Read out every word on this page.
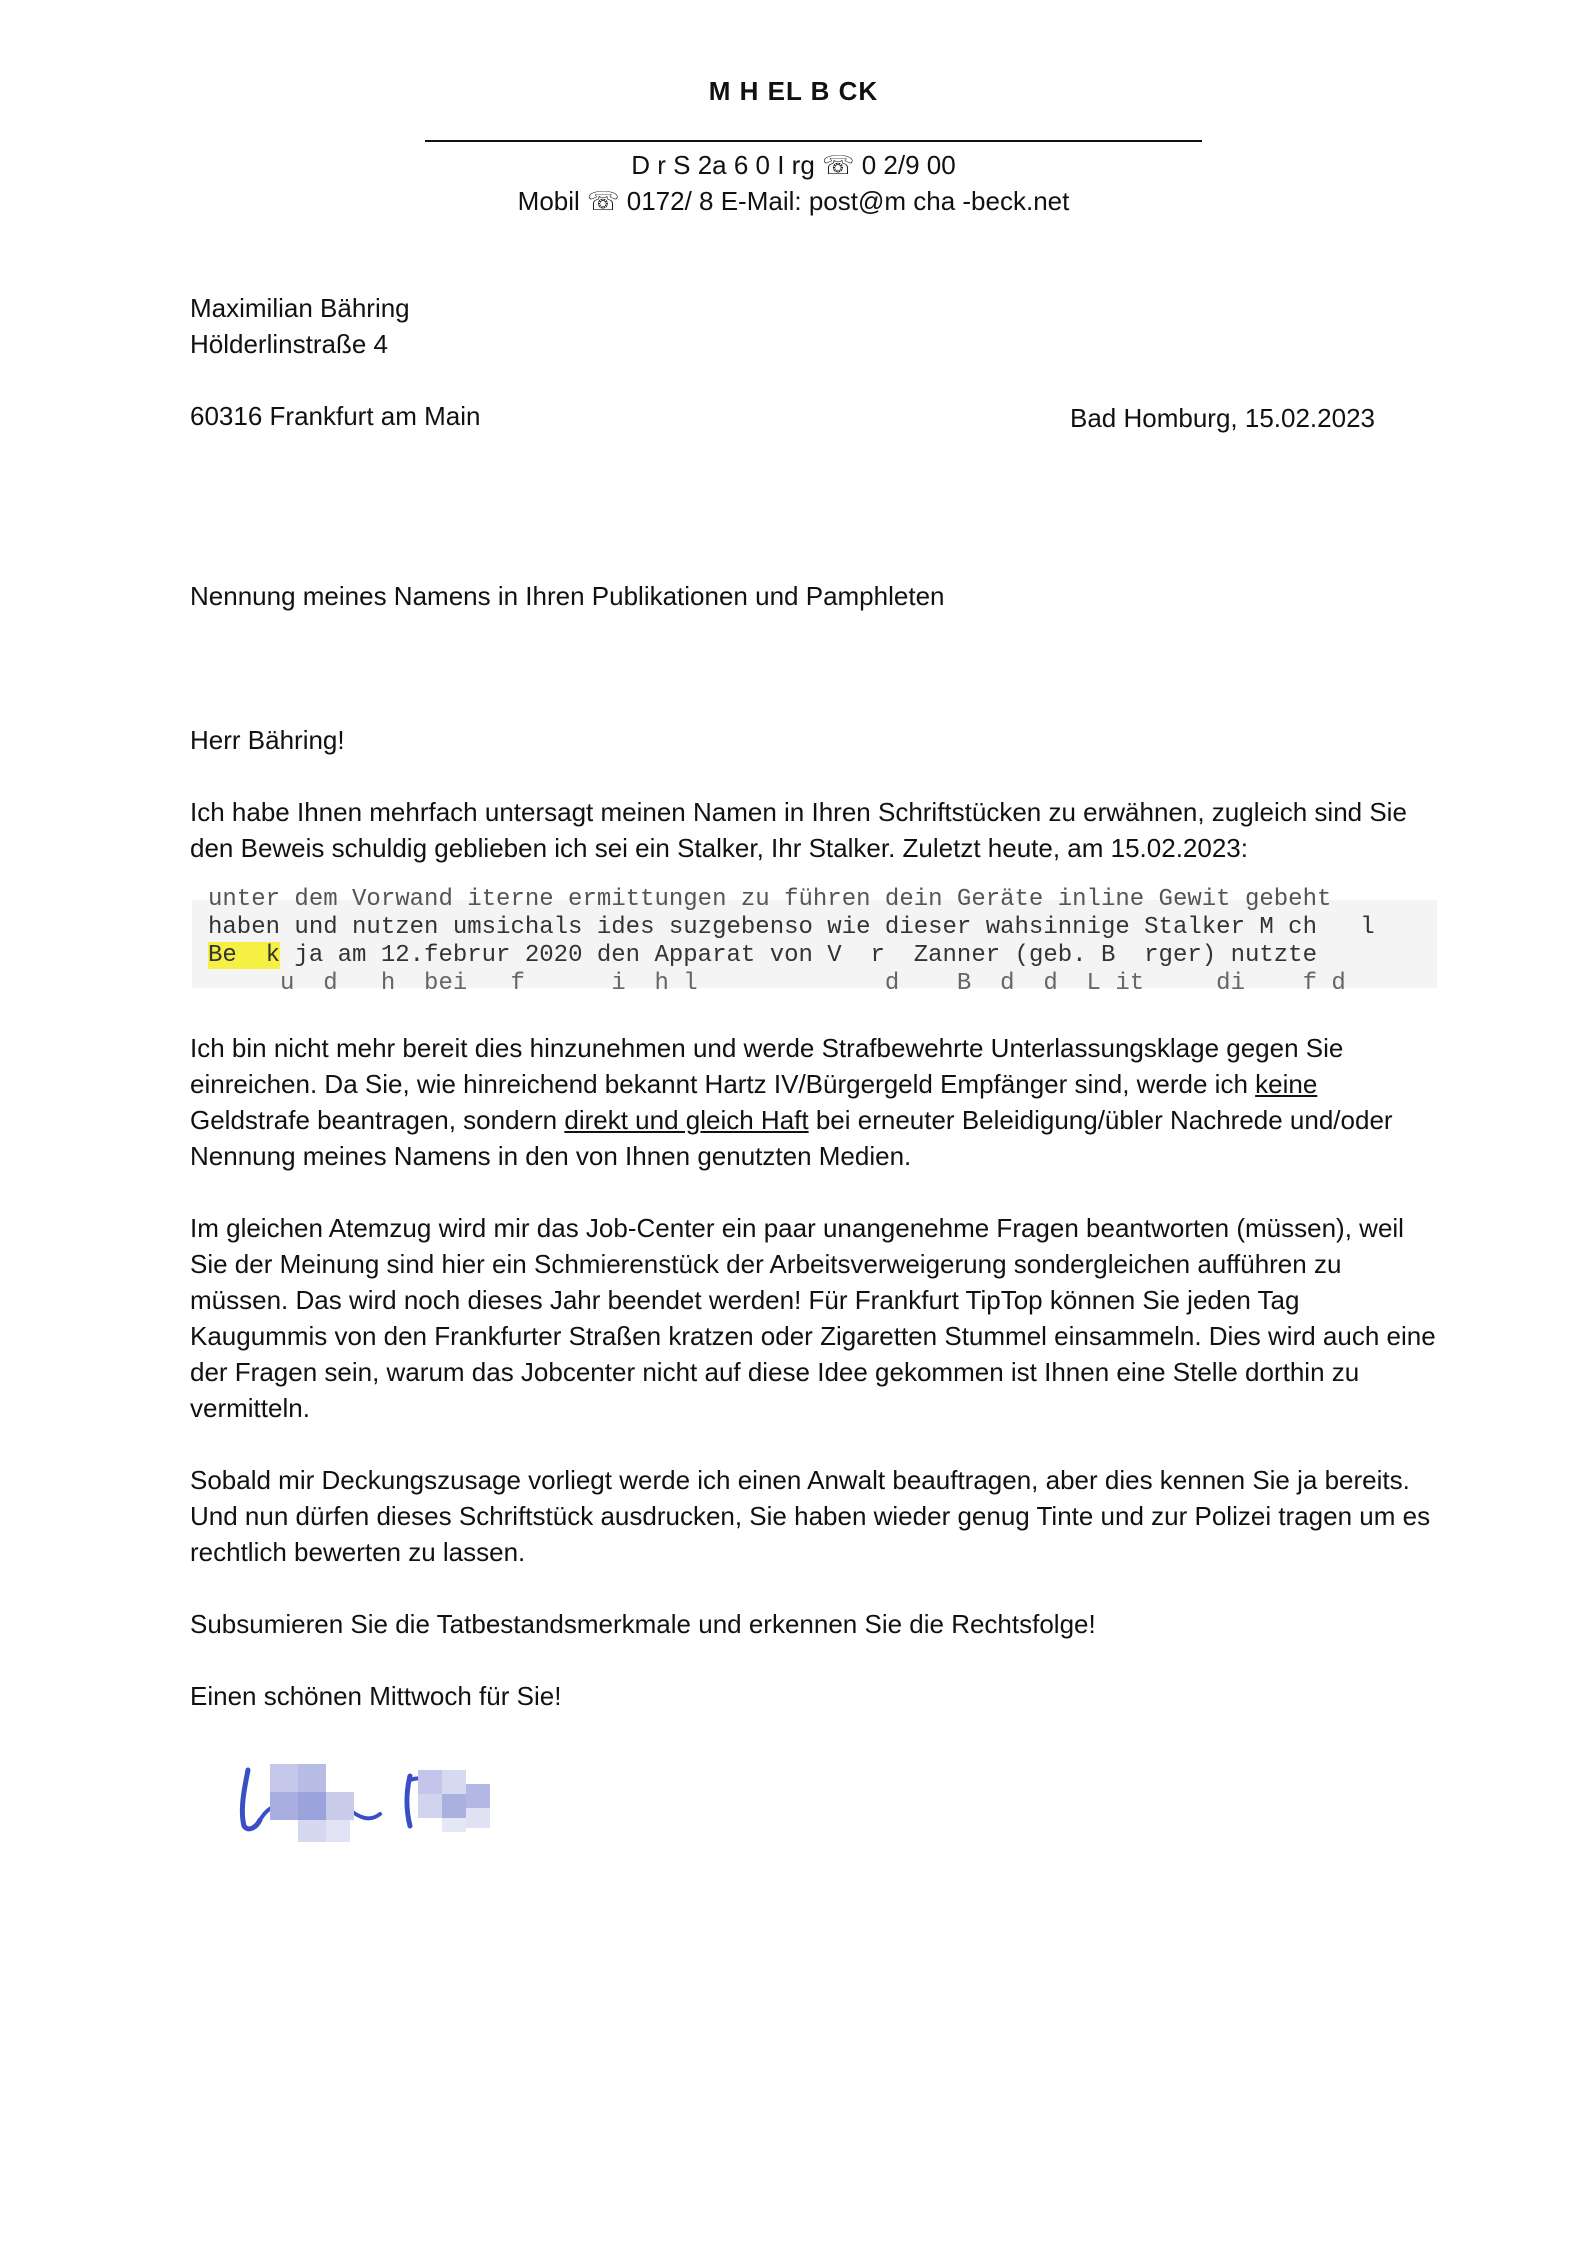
M H EL B CK
D r S 2a 6 0 I rg ☏ 0 2/9 00
Mobil ☏ 0172/ 8 E-Mail: post@m cha -beck.net
Maximilian Bähring
Hölderlinstraße 4
60316 Frankfurt am Main	Bad Homburg, 15.02.2023
Nennung meines Namens in Ihren Publikationen und Pamphleten
Herr Bähring!
Ich habe Ihnen mehrfach untersagt meinen Namen in Ihren Schriftstücken zu erwähnen, zugleich sind Sie den Beweis schuldig geblieben ich sei ein Stalker, Ihr Stalker. Zuletzt heute, am 15.02.2023:
unter dem Vorwand iterne ermittungen zu führen dein Geräte inline Gewit gebeht
haben und nutzen umsichals ides suzgebenso wie dieser wahsinnige Stalker M ch   l
Be  k ja am 12.februr 2020 den Apparat von V  r  Zanner (geb. B  rger) nutzte
u  d   h  bei   f      i  h l             d    B  d  d  L it     di    f d
Ich bin nicht mehr bereit dies hinzunehmen und werde Strafbewehrte Unterlassungsklage gegen Sie einreichen. Da Sie, wie hinreichend bekannt Hartz IV/Bürgergeld Empfänger sind, werde ich keine Geldstrafe beantragen, sondern direkt und gleich Haft bei erneuter Beleidigung/übler Nachrede und/oder Nennung meines Namens in den von Ihnen genutzten Medien.
Im gleichen Atemzug wird mir das Job-Center ein paar unangenehme Fragen beantworten (müssen), weil Sie der Meinung sind hier ein Schmierenstück der Arbeitsverweigerung sondergleichen aufführen zu müssen. Das wird noch dieses Jahr beendet werden! Für Frankfurt TipTop können Sie jeden Tag Kaugummis von den Frankfurter Straßen kratzen oder Zigaretten Stummel einsammeln. Dies wird auch eine der Fragen sein, warum das Jobcenter nicht auf diese Idee gekommen ist Ihnen eine Stelle dorthin zu vermitteln.
Sobald mir Deckungszusage vorliegt werde ich einen Anwalt beauftragen, aber dies kennen Sie ja bereits. Und nun dürfen dieses Schriftstück ausdrucken, Sie haben wieder genug Tinte und zur Polizei tragen um es rechtlich bewerten zu lassen.
Subsumieren Sie die Tatbestandsmerkmale und erkennen Sie die Rechtsfolge!
Einen schönen Mittwoch für Sie!
